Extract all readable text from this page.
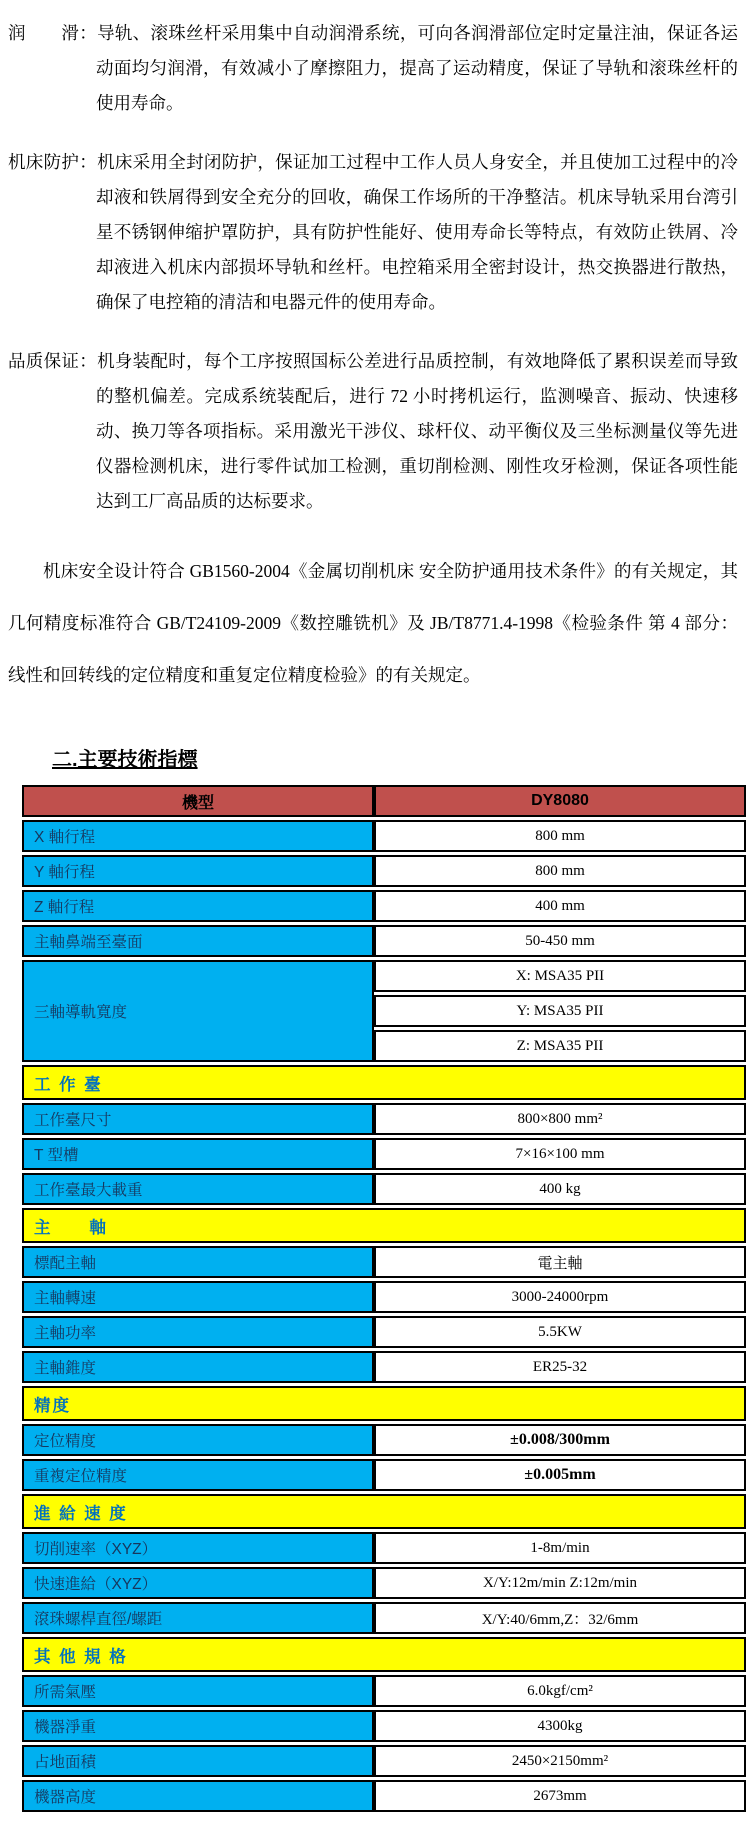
润　　滑：导轨、滚珠丝杆采用集中自动润滑系统，可向各润滑部位定时定量注油，保证各运动面均匀润滑，有效减小了摩擦阻力，提高了运动精度，保证了导轨和滚珠丝杆的使用寿命。

机床防护：机床采用全封闭防护，保证加工过程中工作人员人身安全，并且使加工过程中的冷却液和铁屑得到安全充分的回收，确保工作场所的干净整洁。机床导轨采用台湾引星不锈钢伸缩护罩防护，具有防护性能好、使用寿命长等特点，有效防止铁屑、冷却液进入机床内部损坏导轨和丝杆。电控箱采用全密封设计，热交换器进行散热，确保了电控箱的清洁和电器元件的使用寿命。

品质保证：机身装配时，每个工序按照国标公差进行品质控制，有效地降低了累积误差而导致的整机偏差。完成系统装配后，进行 72 小时拷机运行，监测噪音、振动、快速移动、换刀等各项指标。采用激光干涉仪、球杆仪、动平衡仪及三坐标测量仪等先进仪器检测机床，进行零件试加工检测，重切削检测、刚性攻牙检测，保证各项性能达到工厂高品质的达标要求。

机床安全设计符合 GB1560-2004《金属切削机床 安全防护通用技术条件》的有关规定，其几何精度标准符合 GB/T24109-2009《数控雕铣机》及 JB/T8771.4-1998《检验条件 第 4 部分： 线性和回转线的定位精度和重复定位精度检验》的有关规定。

二.主要技術指標
機型	DY8080
X 軸行程	800 mm
Y 軸行程	800 mm
Z 軸行程	400 mm
主軸鼻端至臺面	50-450 mm
三軸導軌寬度	X: MSA35 PII
	Y: MSA35 PII
	Z: MSA35 PII
工 作 臺	
工作臺尺寸	800×800 mm²
T 型槽	7×16×100 mm
工作臺最大載重	400 kg
主　　軸	
標配主軸	電主軸
主軸轉速	3000-24000rpm
主軸功率	5.5KW
主軸錐度	ER25-32
精度	
定位精度	±0.008/300mm
重複定位精度	±0.005mm
進 給 速 度	
切削速率（XYZ）	1-8m/min
快速進給（XYZ）	X/Y:12m/min Z:12m/min
滾珠螺桿直徑/螺距	X/Y:40/6mm,Z：32/6mm
其 他 規 格	
所需氣壓	6.0kgf/cm²
機器淨重	4300kg
占地面積	2450×2150mm²
機器高度	2673mm
